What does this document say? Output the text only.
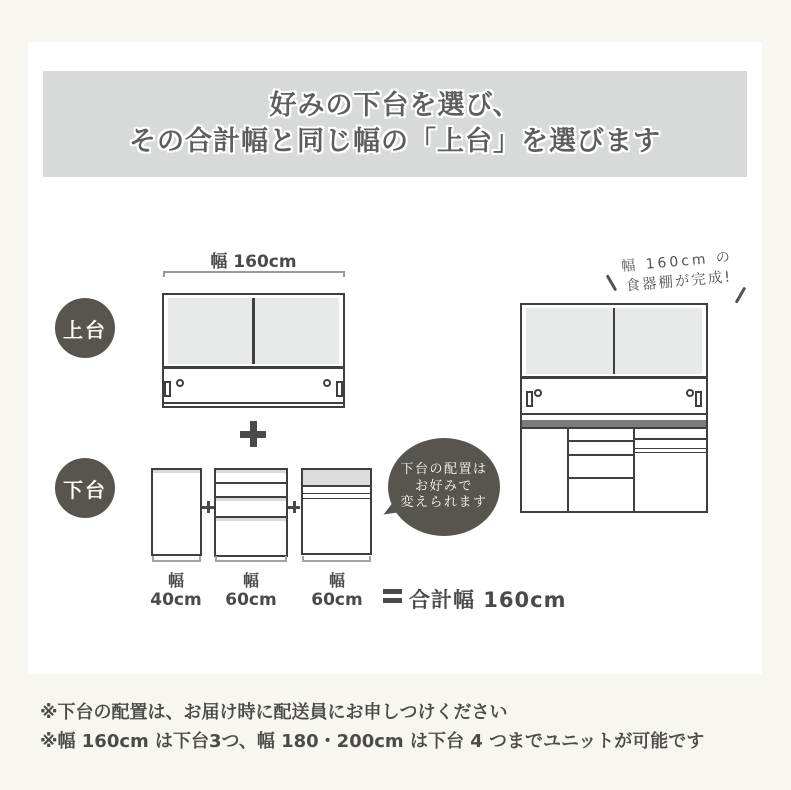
好みの下台を選び、
その合計幅と同じ幅の「上台」を選びます
上台
幅 160cm
下台
幅
40cm
幅
60cm
幅
60cm	合計幅 160cm
下台の配置は
お好みで
変えられます
幅 160cm の
食器棚が完成!
※下台の配置は、お届け時に配送員にお申しつけください
※幅 160cm は下台3つ、幅 180・200cm は下台 4 つまでユニットが可能です
